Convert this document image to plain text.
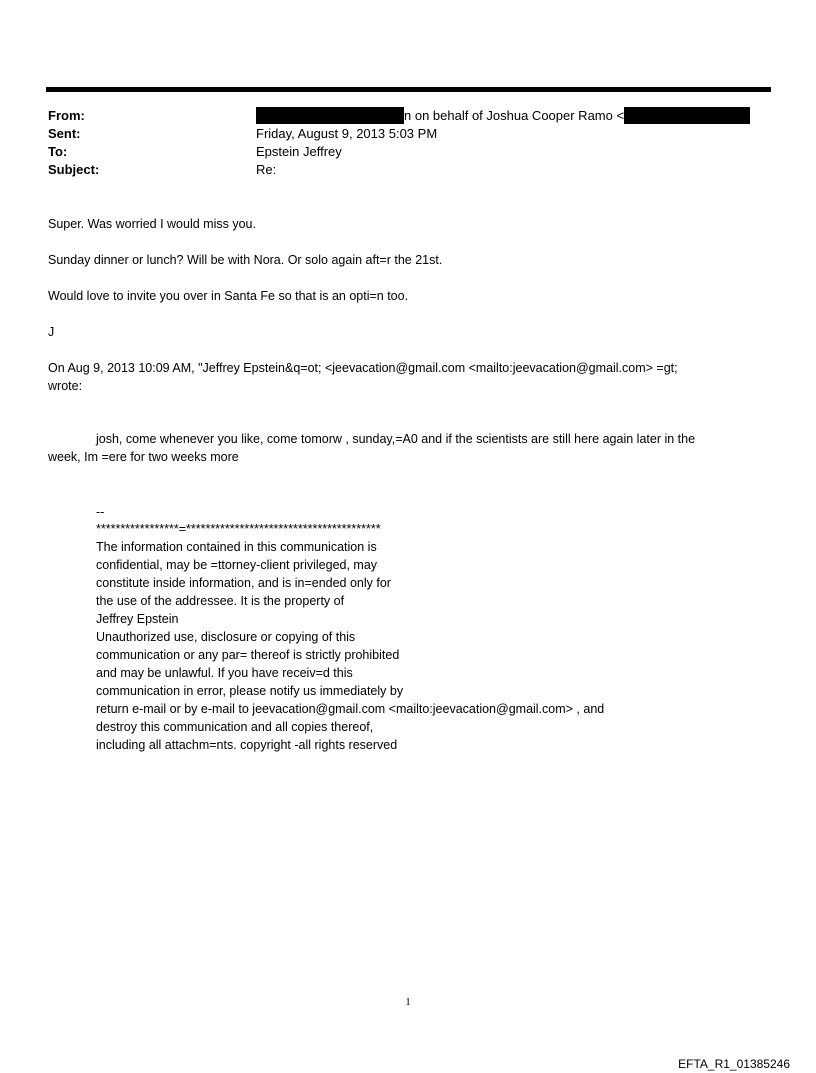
From:	n on behalf of Joshua Cooper Ramo <
Sent:	Friday, August 9, 2013 5:03 PM
To:	Epstein Jeffrey
Subject:	Re:
Super. Was worried I would miss you.
Sunday dinner or lunch? Will be with Nora. Or solo again aft=r the 21st.
Would love to invite you over in Santa Fe so that is an opti=n too.
J
On Aug 9, 2013 10:09 AM, "Jeffrey Epstein&q=ot; <jeevacation@gmail.com <mailto:jeevacation@gmail.com> =gt;
wrote:
josh, come whenever you like, come tomorw , sunday,=A0 and if the scientists are still here again later in the
week, Im =ere for two weeks more
--
*****************=****************************************
The information contained in this communication is
confidential, may be =ttorney-client privileged, may
constitute inside information, and is in=ended only for
the use of the addressee. It is the property of
Jeffrey Epstein
Unauthorized use, disclosure or copying of this
communication or any par= thereof is strictly prohibited
and may be unlawful. If you have receiv=d this
communication in error, please notify us immediately by
return e-mail or by e-mail to jeevacation@gmail.com <mailto:jeevacation@gmail.com> , and
destroy this communication and all copies thereof,
including all attachm=nts. copyright -all rights reserved
1
EFTA_R1_01385246
